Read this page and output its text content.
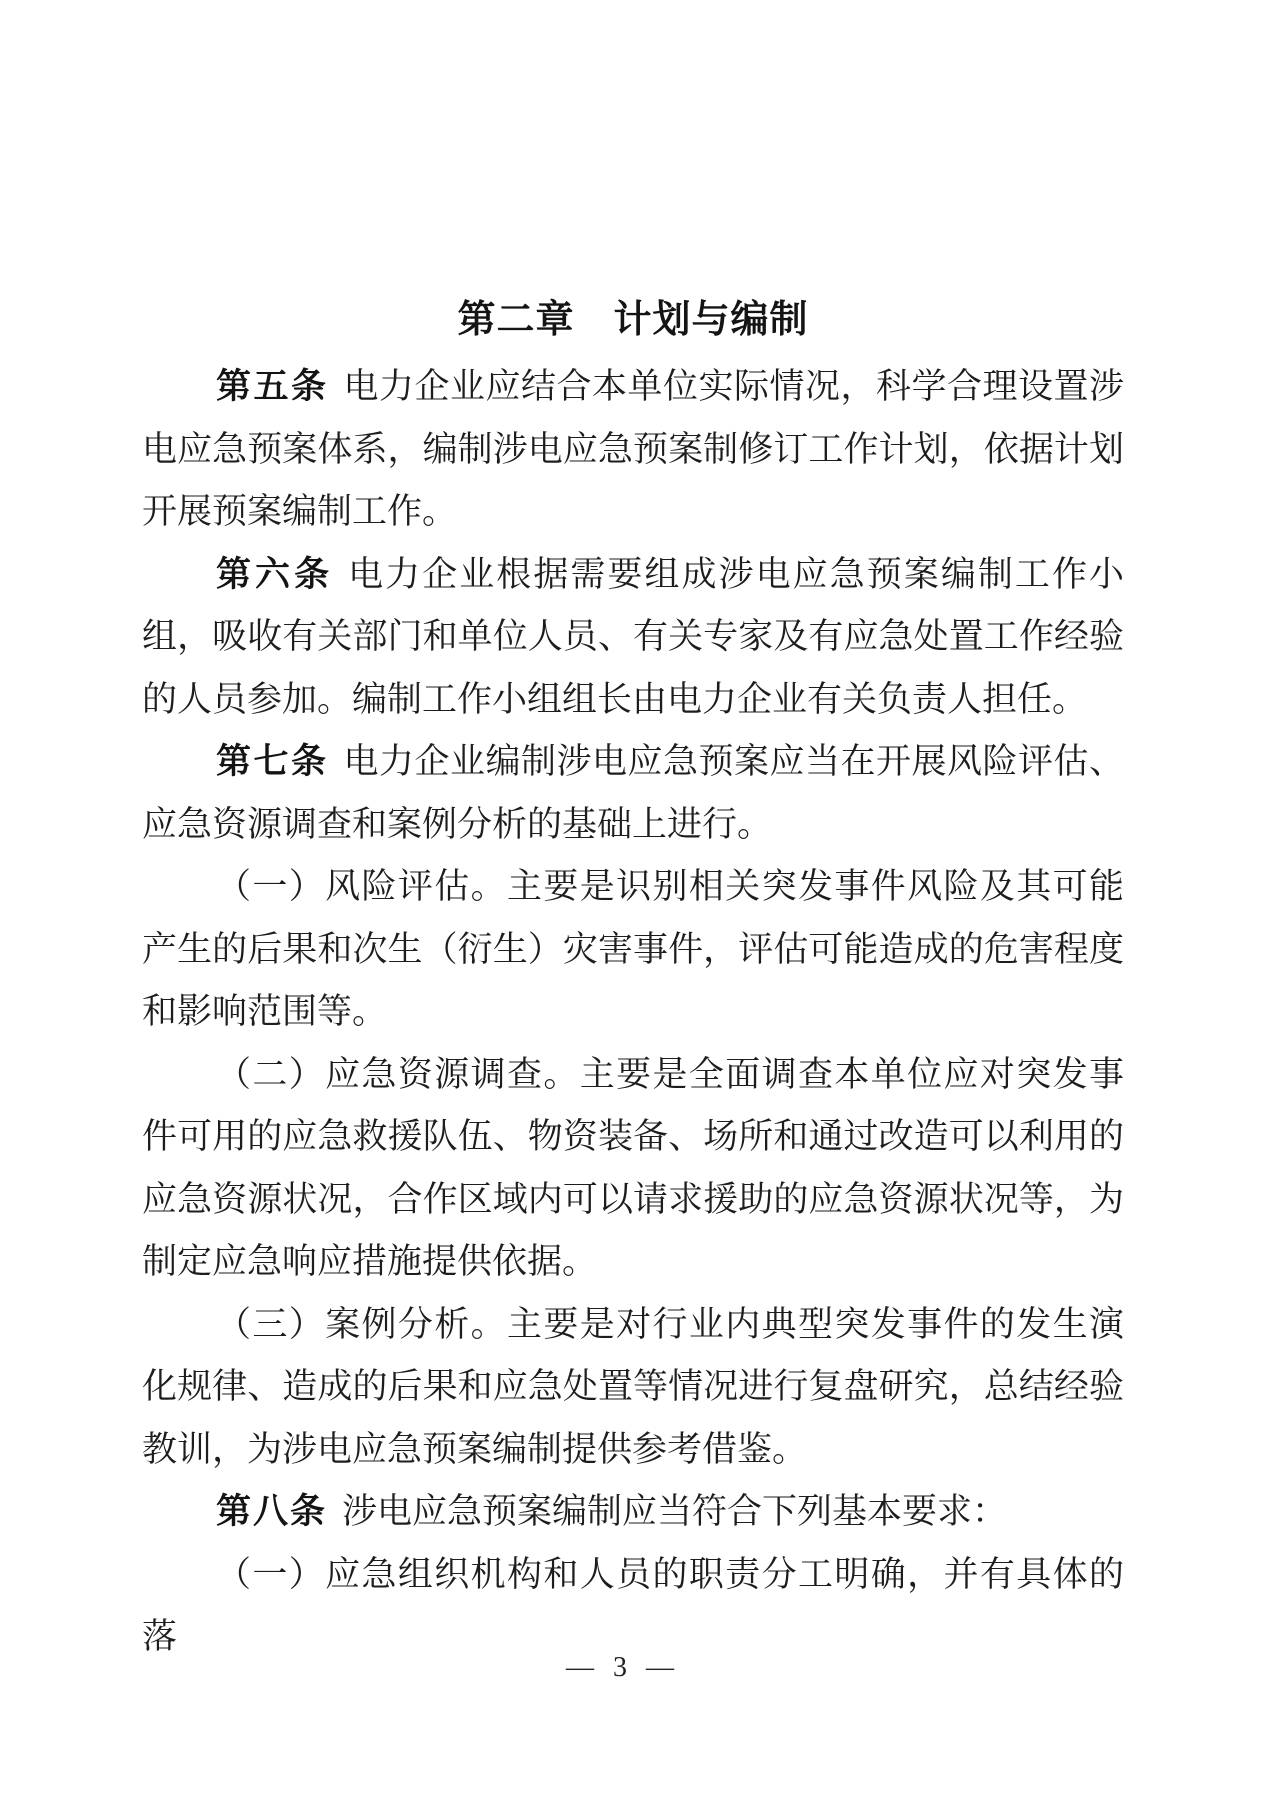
第二章　计划与编制

第五条 电力企业应结合本单位实际情况，科学合理设置涉电应急预案体系，编制涉电应急预案制修订工作计划，依据计划开展预案编制工作。

第六条 电力企业根据需要组成涉电应急预案编制工作小组，吸收有关部门和单位人员、有关专家及有应急处置工作经验的人员参加。编制工作小组组长由电力企业有关负责人担任。

第七条 电力企业编制涉电应急预案应当在开展风险评估、应急资源调查和案例分析的基础上进行。

（一）风险评估。主要是识别相关突发事件风险及其可能产生的后果和次生（衍生）灾害事件，评估可能造成的危害程度和影响范围等。

（二）应急资源调查。主要是全面调查本单位应对突发事件可用的应急救援队伍、物资装备、场所和通过改造可以利用的应急资源状况，合作区域内可以请求援助的应急资源状况等，为制定应急响应措施提供依据。

（三）案例分析。主要是对行业内典型突发事件的发生演化规律、造成的后果和应急处置等情况进行复盘研究，总结经验教训，为涉电应急预案编制提供参考借鉴。

第八条 涉电应急预案编制应当符合下列基本要求：

（一）应急组织机构和人员的职责分工明确，并有具体的落

— 3 —
